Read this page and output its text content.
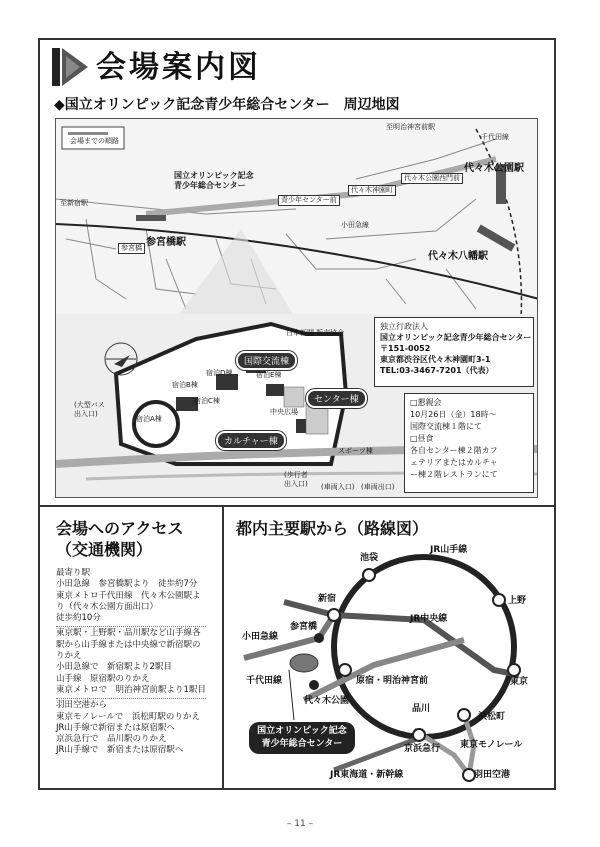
会場案内図
◆国立オリンピック記念青少年総合センター　周辺地図
会場までの順路
至明治神宮前駅
千代田線
至新宿駅
国立オリンピック記念
青少年総合センター
青少年センター前
代々木神園町
代々木公園西門前
小田急線
参宮橋
代々木公園駅
参宮橋駅
代々木八幡駅
国際交流棟
センター棟
カルチャー棟
日本新聞 販売協会
宿泊D棟	宿泊E棟
宿泊C棟
宿泊B棟
宿泊A棟
中央広場
スポーツ棟
(大型バス
出入口)
(歩行者
出入口) (車両入口) (車両出口)
独立行政法人
国立オリンピック記念青少年総合センター
〒151-0052
東京都渋谷区代々木神園町3-1
TEL:03-3467-7201（代表）
□懇親会
10月26日（金）18時～
国際交流棟１階にて
□昼食
各自センター棟２階カフ
ェテリアまたはカルチャ
ー棟２階レストランにて
会場へのアクセス
（交通機関）
最寄り駅
小田急線　参宮橋駅より　徒歩約7分
東京メトロ千代田線　代々木公園駅よ
り（代々木公園方面出口）
徒歩約10分
東京駅・上野駅・品川駅など山手線各
駅から山手線または中央線で新宿駅の
りかえ
小田急線で　新宿駅より2駅目
山手線　原宿駅のりかえ
東京メトロで　明治神宮前駅より1駅目
羽田空港から
東京モノレールで　浜松町駅のりかえ
JR山手線で新宿または原宿駅へ
京浜急行で　品川駅のりかえ
JR山手線で　新宿または原宿駅へ
都内主要駅から（路線図）
池袋
JR山手線
新宿	上野
JR中央線
参宮橋
小田急線
原宿・明治神宮前	東京
千代田線
代々木公園
品川
浜松町
京浜急行 東京モノレール
JR東海道・新幹線	羽田空港
国立オリンピック記念
青少年総合センター
– 11 –
